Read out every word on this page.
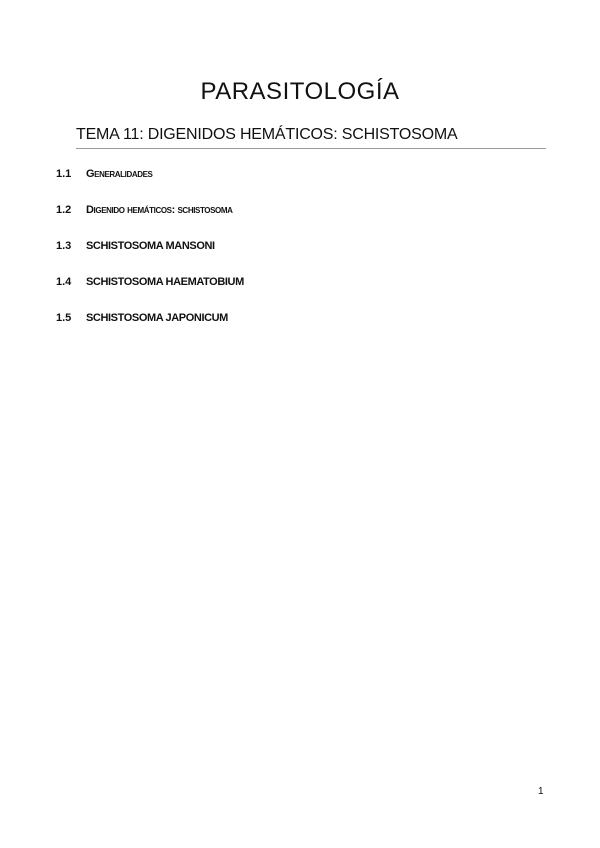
PARASITOLOGÍA
TEMA 11: DIGENIDOS HEMÁTICOS: SCHISTOSOMA
1.1	Generalidades
1.2	Digenido hemáticos: schistosoma
1.3	SCHISTOSOMA MANSONI
1.4	SCHISTOSOMA HAEMATOBIUM
1.5	SCHISTOSOMA JAPONICUM

1
